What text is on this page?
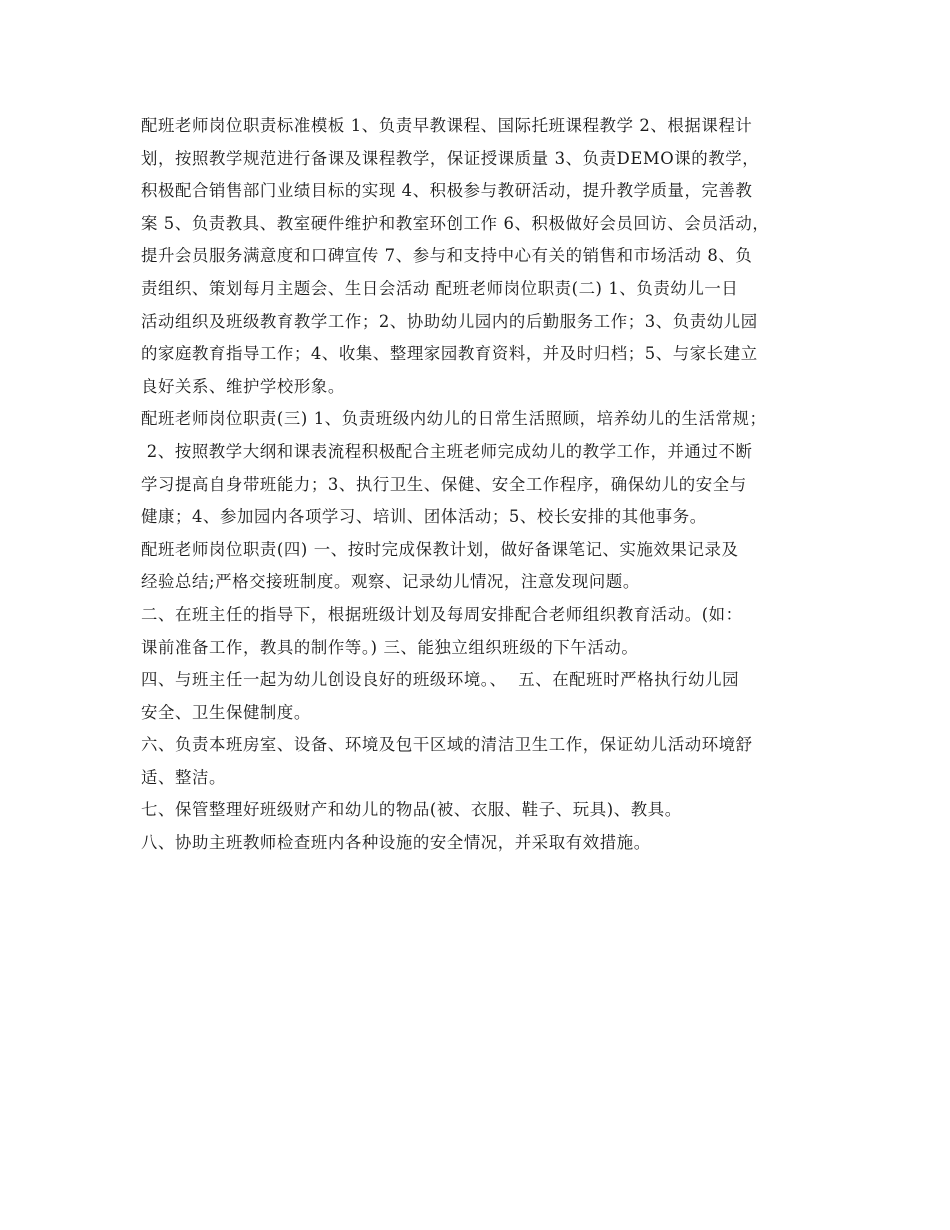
配班老师岗位职责标准模板 1、负责早教课程、国际托班课程教学 2、根据课程计
划，按照教学规范进行备课及课程教学，保证授课质量 3、负责DEMO课的教学，
积极配合销售部门业绩目标的实现 4、积极参与教研活动，提升教学质量，完善教
案 5、负责教具、教室硬件维护和教室环创工作 6、积极做好会员回访、会员活动，
提升会员服务满意度和口碑宣传 7、参与和支持中心有关的销售和市场活动 8、负
责组织、策划每月主题会、生日会活动 配班老师岗位职责(二) 1、负责幼儿一日
活动组织及班级教育教学工作；2、协助幼儿园内的后勤服务工作；3、负责幼儿园
的家庭教育指导工作；4、收集、整理家园教育资料，并及时归档；5、与家长建立
良好关系、维护学校形象。
配班老师岗位职责(三) 1、负责班级内幼儿的日常生活照顾，培养幼儿的生活常规；
2、按照教学大纲和课表流程积极配合主班老师完成幼儿的教学工作，并通过不断
学习提高自身带班能力；3、执行卫生、保健、安全工作程序，确保幼儿的安全与
健康；4、参加园内各项学习、培训、团体活动；5、校长安排的其他事务。
配班老师岗位职责(四) 一、按时完成保教计划，做好备课笔记、实施效果记录及
经验总结;严格交接班制度。观察、记录幼儿情况，注意发现问题。
二、在班主任的指导下，根据班级计划及每周安排配合老师组织教育活动。(如：
课前准备工作，教具的制作等。) 三、能独立组织班级的下午活动。
四、与班主任一起为幼儿创设良好的班级环境。、  五、在配班时严格执行幼儿园
安全、卫生保健制度。
六、负责本班房室、设备、环境及包干区域的清洁卫生工作，保证幼儿活动环境舒
适、整洁。
七、保管整理好班级财产和幼儿的物品(被、衣服、鞋子、玩具)、教具。
八、协助主班教师检查班内各种设施的安全情况，并采取有效措施。
